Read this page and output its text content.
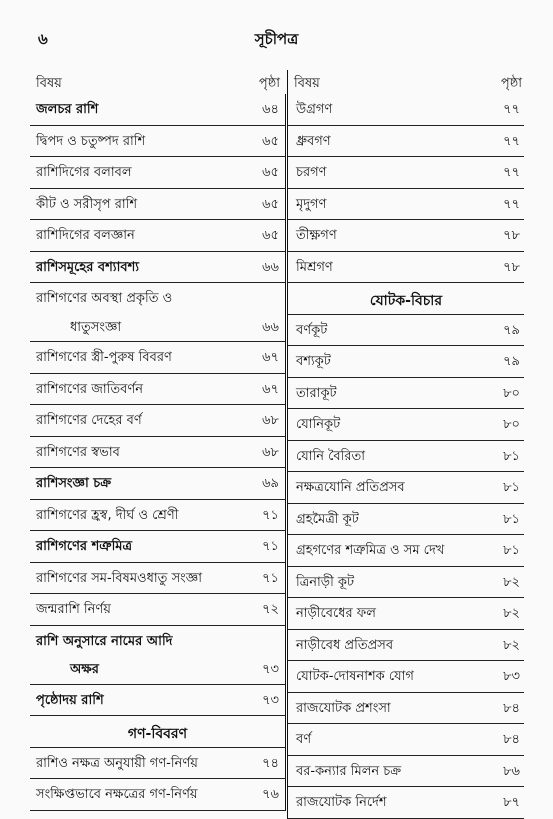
৬	সূচীপত্র
বিষয়	পৃষ্ঠা
জলচর রাশি	৬৪
দ্বিপদ ও চতুষ্পদ রাশি	৬৫
রাশিদিগের বলাবল	৬৫
কীট ও সরীসৃপ রাশি	৬৫
রাশিদিগের বলজ্ঞান	৬৫
রাশিসমূহের বশ্যাবশ্য	৬৬
রাশিগণের অবস্থা প্রকৃতি ও
ধাতুসংজ্ঞা	৬৬
রাশিগণের স্ত্রী-পুরুষ বিবরণ	৬৭
রাশিগণের জাতিবর্ণন	৬৭
রাশিগণের দেহের বর্ণ	৬৮
রাশিগণের স্বভাব	৬৮
রাশিসংজ্ঞা চক্র	৬৯
রাশিগণের হ্রস্ব, দীর্ঘ ও শ্রেণী	৭১
রাশিগণের শত্রুমিত্র	৭১
রাশিগণের সম-বিষমওধাতু সংজ্ঞা	৭১
জন্মরাশি নির্ণয়	৭২
রাশি অনুসারে নামের আদি
অক্ষর	৭৩
পৃষ্ঠোদয় রাশি	৭৩
গণ-বিবরণ
রাশিও নক্ষত্র অনুযায়ী গণ-নির্ণয়	৭৪
সংক্ষিপ্তভাবে নক্ষত্রের গণ-নির্ণয়	৭৬
বিষয়	পৃষ্ঠা
উগ্রগণ	৭৭
ধ্রুবগণ	৭৭
চরগণ	৭৭
মৃদুগণ	৭৭
তীক্ষ্ণগণ	৭৮
মিশ্রগণ	৭৮
যোটক-বিচার
বর্ণকূট	৭৯
বশ্যকূট	৭৯
তারাকূট	৮০
যোনিকূট	৮০
যোনি বৈরিতা	৮১
নক্ষত্রযোনি প্রতিপ্রসব	৮১
গ্রহমৈত্রী কূট	৮১
গ্রহগণের শত্রুমিত্র ও সম দেখ	৮১
ত্রিনাড়ী কূট	৮২
নাড়ীবেধের ফল	৮২
নাড়ীবেধ প্রতিপ্রসব	৮২
যোটক-দোষনাশক যোগ	৮৩
রাজযোটক প্রশংসা	৮৪
বর্ণ	৮৪
বর-কন্যার মিলন চক্র	৮৬
রাজযোটক নির্দেশ	৮৭
